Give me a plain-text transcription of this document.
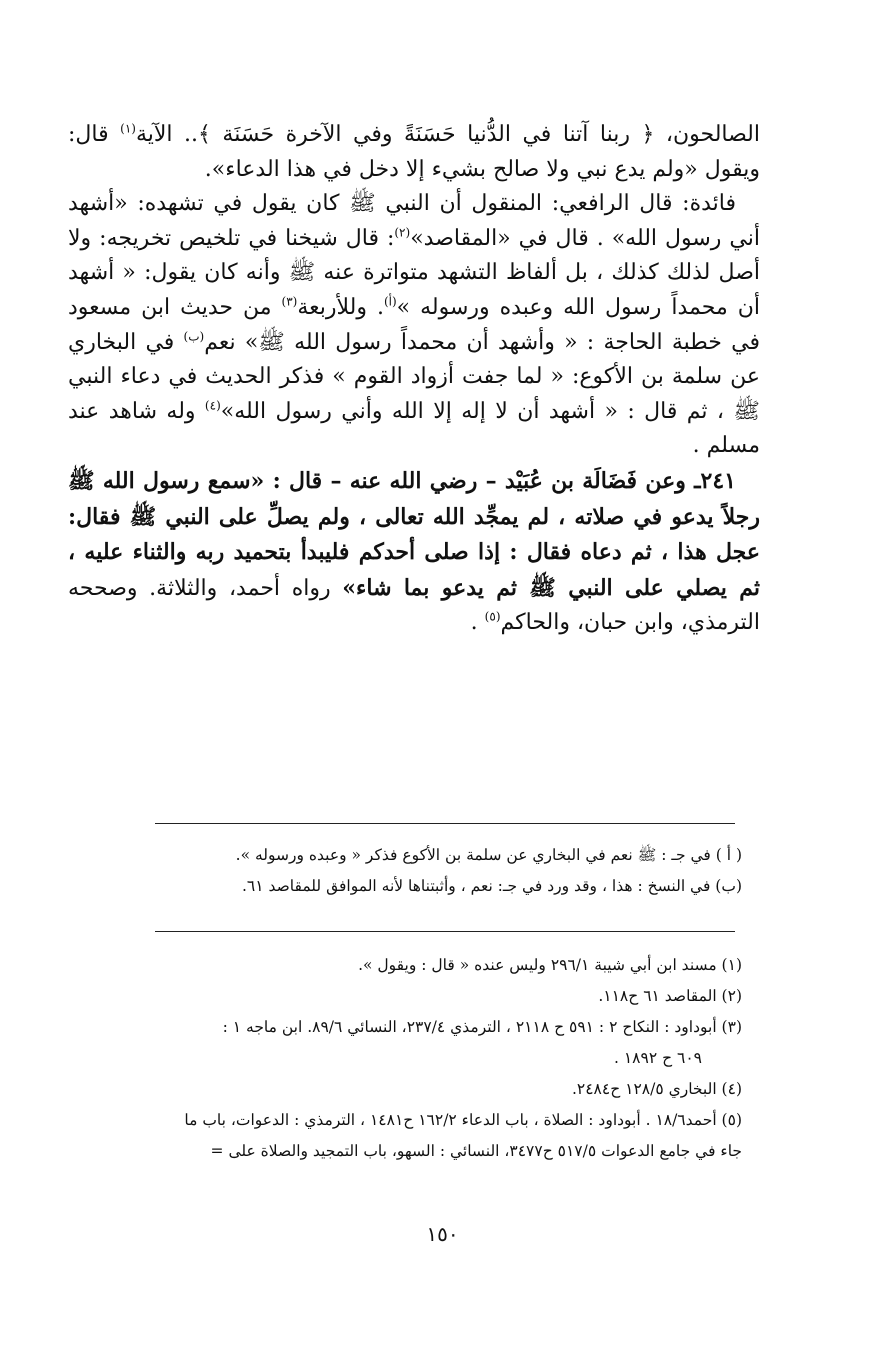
الصالحون، ﴿ ربنا آتنا في الدُّنيا حَسَنَةً وفي الآخرة حَسَنَة ﴾.. الآية$^{(١)}$ قال: ويقول «ولم يدع نبي ولا صالح بشيء إلا دخل في هذا الدعاء».

فائدة: قال الرافعي: المنقول أن النبي ﷺ كان يقول في تشهده: «أشهد أني رسول الله» . قال في «المقاصد»$^{(٢)}$: قال شيخنا في تلخيص تخريجه: ولا أصل لذلك كذلك ، بل ألفاظ التشهد متواترة عنه ﷺ وأنه كان يقول: « أشهد أن محمداً رسول الله وعبده ورسوله »$^{(أ)}$. وللأربعة$^{(٣)}$ من حديث ابن مسعود في خطبة الحاجة : « وأشهد أن محمداً رسول الله ﷺ» نعم$^{(ب)}$ في البخاري عن سلمة بن الأكوع: « لما جفت أزواد القوم » فذكر الحديث في دعاء النبي ﷺ ، ثم قال : « أشهد أن لا إله إلا الله وأني رسول الله»$^{(٤)}$ وله شاهد عند مسلم .

٢٤١ـ وعن فَضَالَة بن عُبَيْد – رضي الله عنه – قال : «سمع رسول الله ﷺ رجلاً يدعو في صلاته ، لم يمجِّد الله تعالى ، ولم يصلِّ على النبي ﷺ فقال: عجل هذا ، ثم دعاه فقال : إذا صلى أحدكم فليبدأ بتحميد ربه والثناء عليه ، ثم يصلي على النبي ﷺ ثم يدعو بما شاء» رواه أحمد، والثلاثة. وصححه الترمذي، وابن حبان، والحاكم$^{(٥)}$ .

( أ ) في جـ : ﷺ نعم في البخاري عن سلمة بن الأكوع فذكر « وعبده ورسوله ».

(ب) في النسخ : هذا ، وقد ورد في جـ: نعم ، وأثبتناها لأنه الموافق للمقاصد ٦١.

(١) مسند ابن أبي شيبة ٢٩٦/١ وليس عنده « قال : ويقول ».

(٢) المقاصد ٦١ ح١١٨.

(٣) أبوداود : النكاح ٢ : ٥٩١ ح ٢١١٨ ، الترمذي ٢٣٧/٤، النسائي ٨٩/٦. ابن ماجه ١ :

٦٠٩ ح ١٨٩٢ .

(٤) البخاري ١٢٨/٥ ح٢٤٨٤.

(٥) أحمد١٨/٦ . أبوداود : الصلاة ، باب الدعاء ١٦٢/٢ ح١٤٨١ ، الترمذي : الدعوات، باب ما

جاء في جامع الدعوات ٥١٧/٥ ح٣٤٧٧، النسائي : السهو، باب التمجيد والصلاة على =

١٥٠
